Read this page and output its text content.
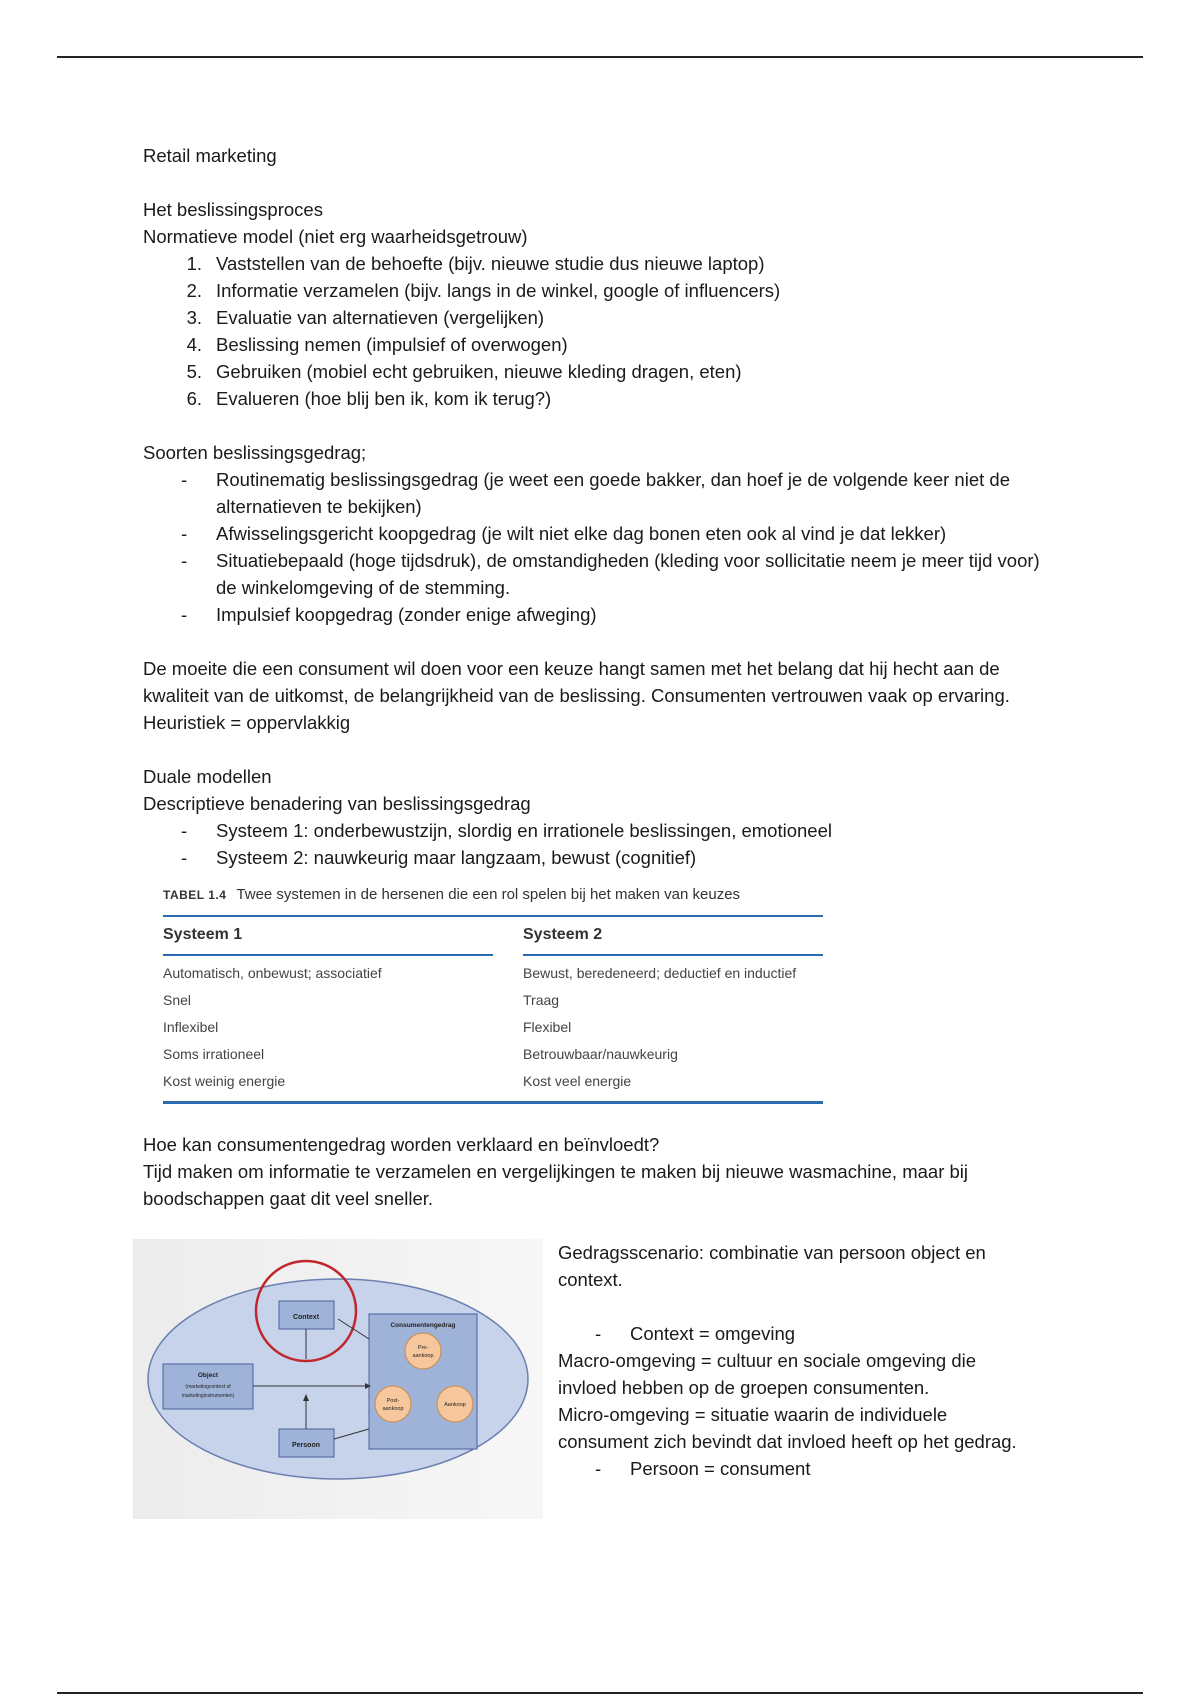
Retail marketing

Het beslissingsproces

Normatieve model (niet erg waarheidsgetrouw)

1. Vaststellen van de behoefte (bijv. nieuwe studie dus nieuwe laptop)
2. Informatie verzamelen (bijv. langs in de winkel, google of influencers)
3. Evaluatie van alternatieven (vergelijken)
4. Beslissing nemen (impulsief of overwogen)
5. Gebruiken (mobiel echt gebruiken, nieuwe kleding dragen, eten)
6. Evalueren (hoe blij ben ik, kom ik terug?)

Soorten beslissingsgedrag;

- Routinematig beslissingsgedrag (je weet een goede bakker, dan hoef je de volgende keer niet de alternatieven te bekijken)
- Afwisselingsgericht koopgedrag (je wilt niet elke dag bonen eten ook al vind je dat lekker)
- Situatiebepaald (hoge tijdsdruk), de omstandigheden (kleding voor sollicitatie neem je meer tijd voor) de winkelomgeving of de stemming.
- Impulsief koopgedrag (zonder enige afweging)

De moeite die een consument wil doen voor een keuze hangt samen met het belang dat hij hecht aan de kwaliteit van de uitkomst, de belangrijkheid van de beslissing. Consumenten vertrouwen vaak op ervaring.

Heuristiek = oppervlakkig

Duale modellen

Descriptieve benadering van beslissingsgedrag

- Systeem 1: onderbewustzijn, slordig en irrationele beslissingen, emotioneel
- Systeem 2: nauwkeurig maar langzaam, bewust (cognitief)
TABEL 1.4 Twee systemen in de hersenen die een rol spelen bij het maken van keuzes
Systeem 1	Systeem 2
Automatisch, onbewust; associatief
Snel
Inflexibel
Soms irrationeel
Kost weinig energie
Bewust, beredeneerd; deductief en inductief
Traag
Flexibel
Betrouwbaar/nauwkeurig
Kost veel energie

Hoe kan consumentengedrag worden verklaard en beïnvloedt?

Tijd maken om informatie te verzamelen en vergelijkingen te maken bij nieuwe wasmachine, maar bij boodschappen gaat dit veel sneller.

Context
Object
(marketingcontext of
marketinginstrumenten)
Persoon
Consumentengedrag
Pre-
aankoop
Post-
aankoop
Aankoop

Gedragsscenario: combinatie van persoon object en context.

- Context = omgeving

Macro-omgeving = cultuur en sociale omgeving die invloed hebben op de groepen consumenten.

Micro-omgeving = situatie waarin de individuele consument zich bevindt dat invloed heeft op het gedrag.

- Persoon = consument
